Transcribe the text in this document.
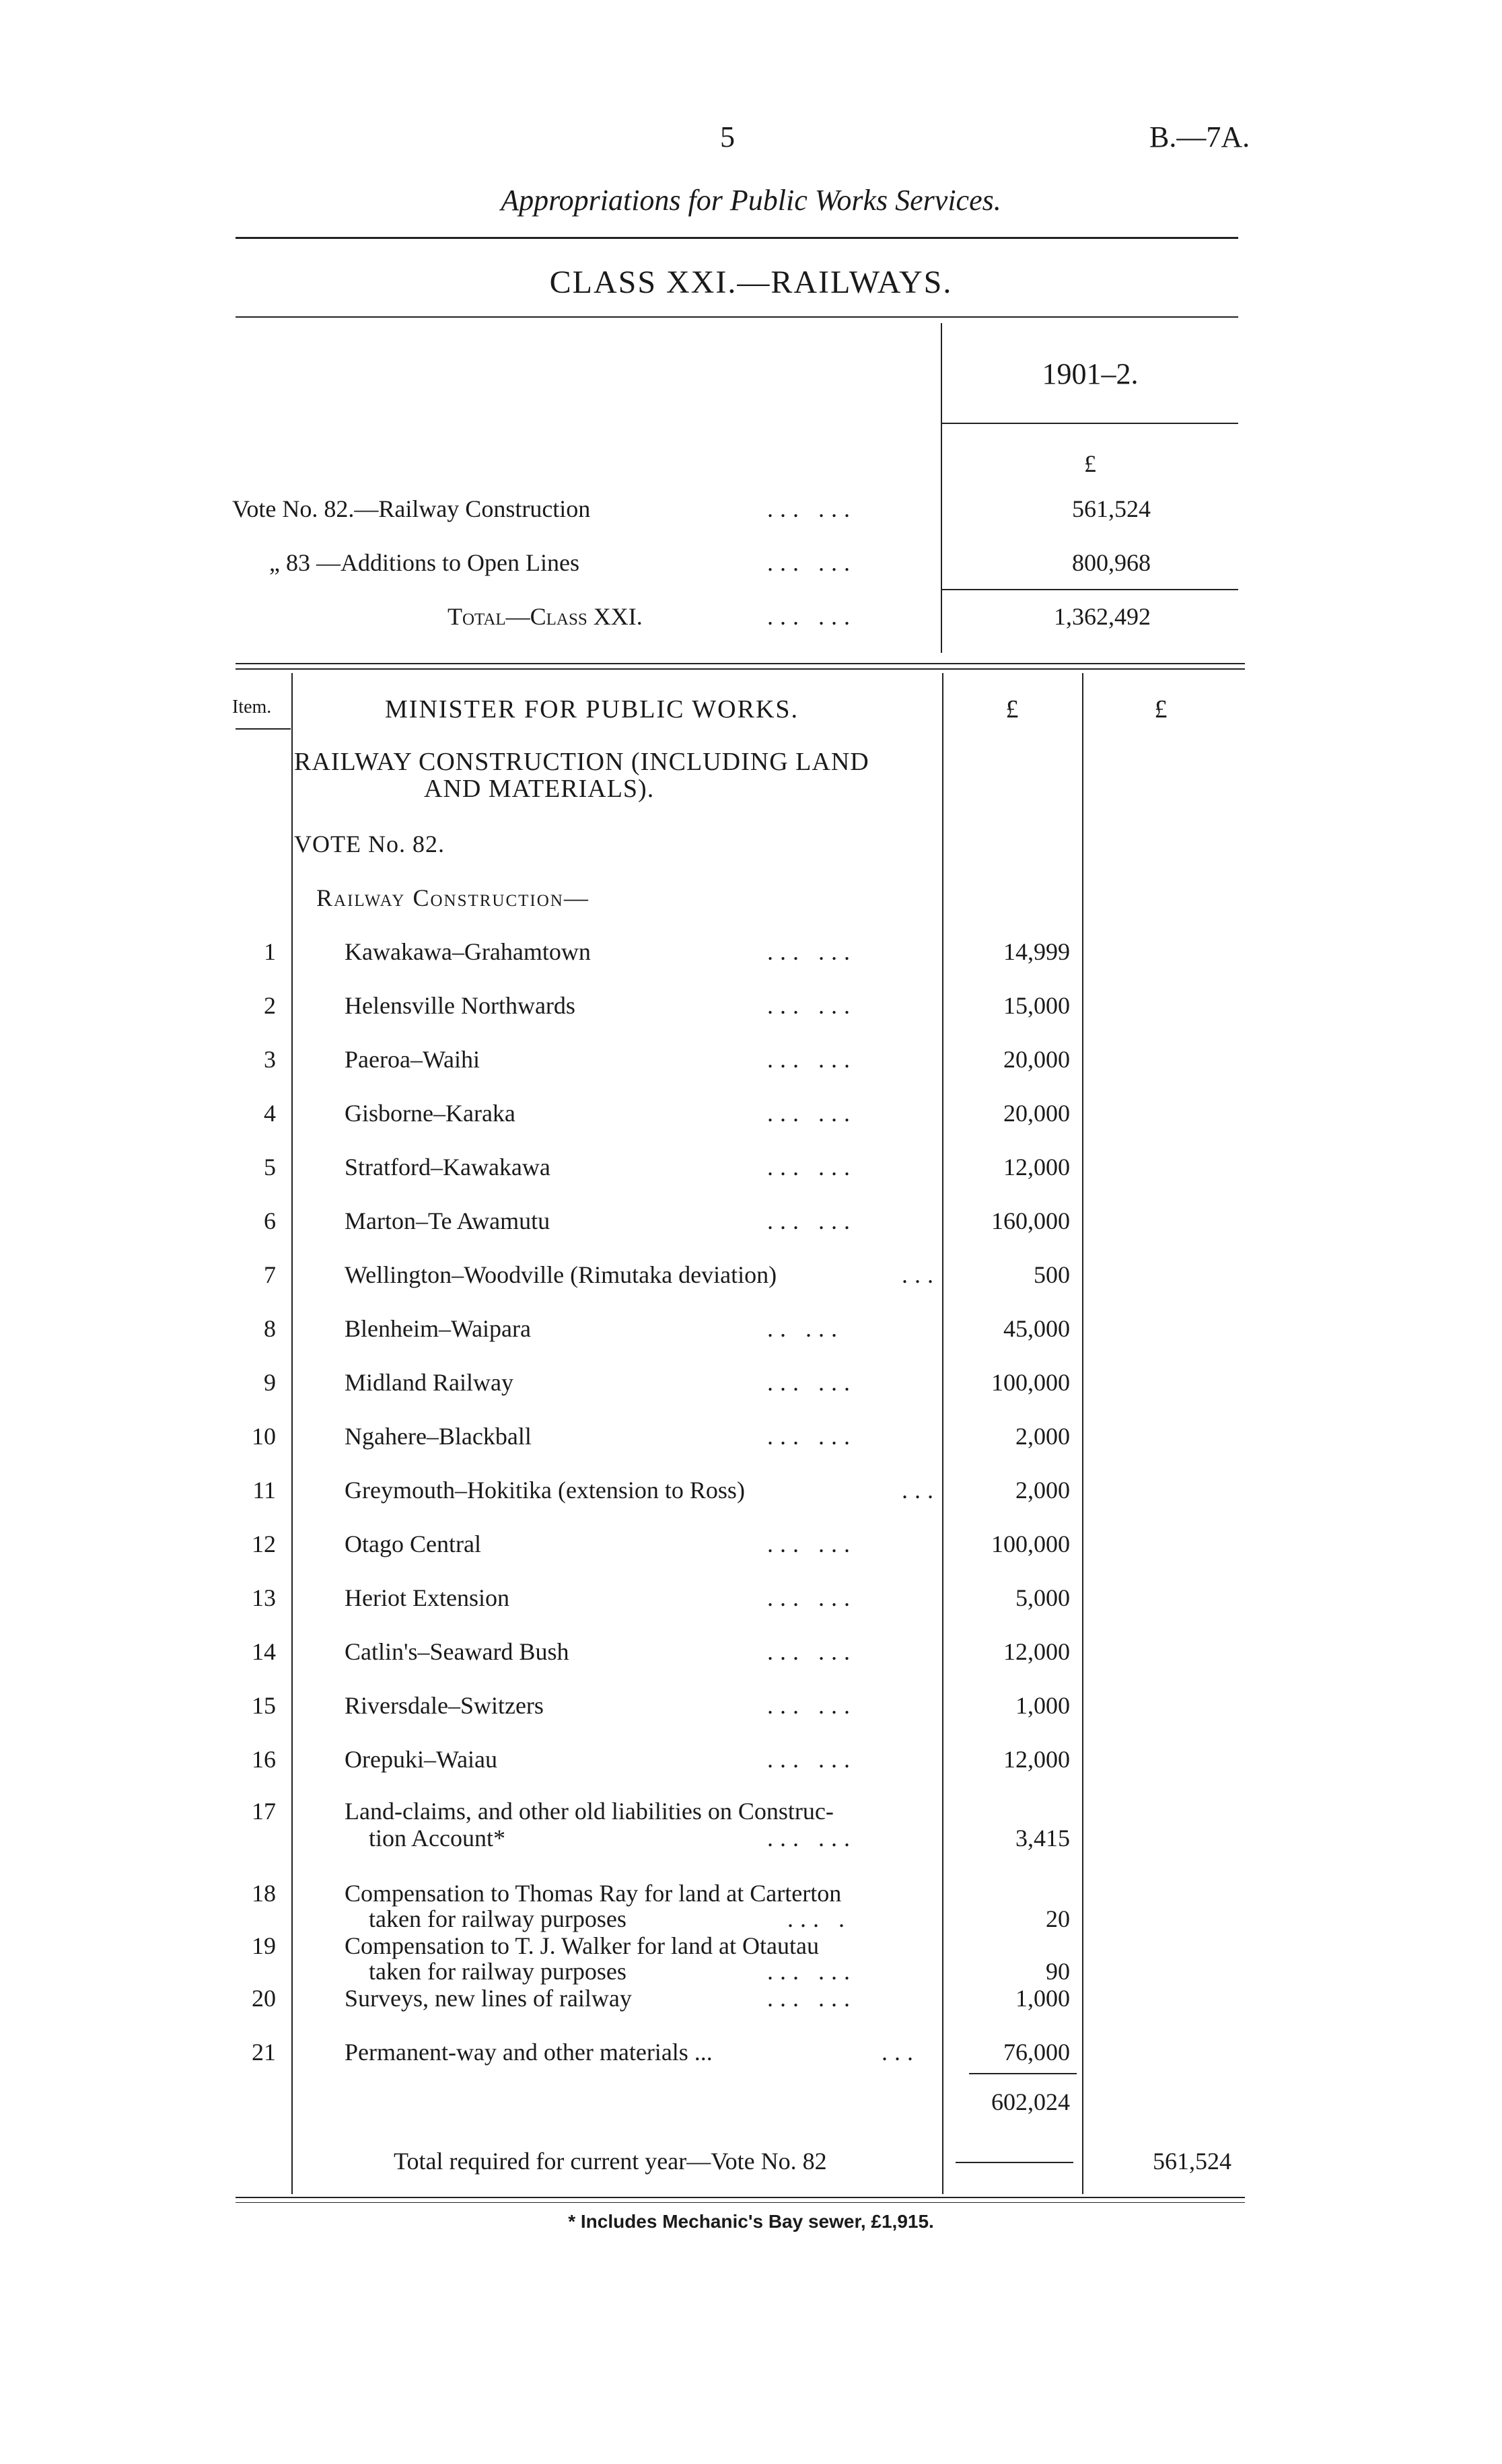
5	B.—7A.
Appropriations for Public Works Services.
CLASS XXI.—RAILWAYS.
1901–2.
£
Vote No. 82.—Railway Construction	... ...	561,524
„ 83 —Additions to Open Lines	... ...	800,968
Total—Class XXI.	... ...	1,362,492
Item.	MINISTER FOR PUBLIC WORKS.	£	£
RAILWAY CONSTRUCTION (INCLUDING LAND
AND MATERIALS).
VOTE No. 82.
Railway Construction—
1	Kawakawa–Grahamtown	... ...	14,999
2	Helensville Northwards	... ...	15,000
3	Paeroa–Waihi	... ...	20,000
4	Gisborne–Karaka	... ...	20,000
5	Stratford–Kawakawa	... ...	12,000
6	Marton–Te Awamutu	... ...	160,000
7	Wellington–Woodville (Rimutaka deviation)	...	500
8	Blenheim–Waipara	.. ...	45,000
9	Midland Railway	... ...	100,000
10	Ngahere–Blackball	... ...	2,000
11	Greymouth–Hokitika (extension to Ross)	...	2,000
12	Otago Central	... ...	100,000
13	Heriot Extension	... ...	5,000
14	Catlin's–Seaward Bush	... ...	12,000
15	Riversdale–Switzers	... ...	1,000
16	Orepuki–Waiau	... ...	12,000
17	Land-claims, and other old liabilities on Construc-
tion Account*	... ...	3,415
18	Compensation to Thomas Ray for land at Carterton
taken for railway purposes	... .	20
19	Compensation to T. J. Walker for land at Otautau
taken for railway purposes	... ...	90
20	Surveys, new lines of railway	... ...	1,000
21	Permanent-way and other materials ...	...	76,000
602,024
Total required for current year—Vote No. 82	561,524
* Includes Mechanic's Bay sewer, £1,915.
